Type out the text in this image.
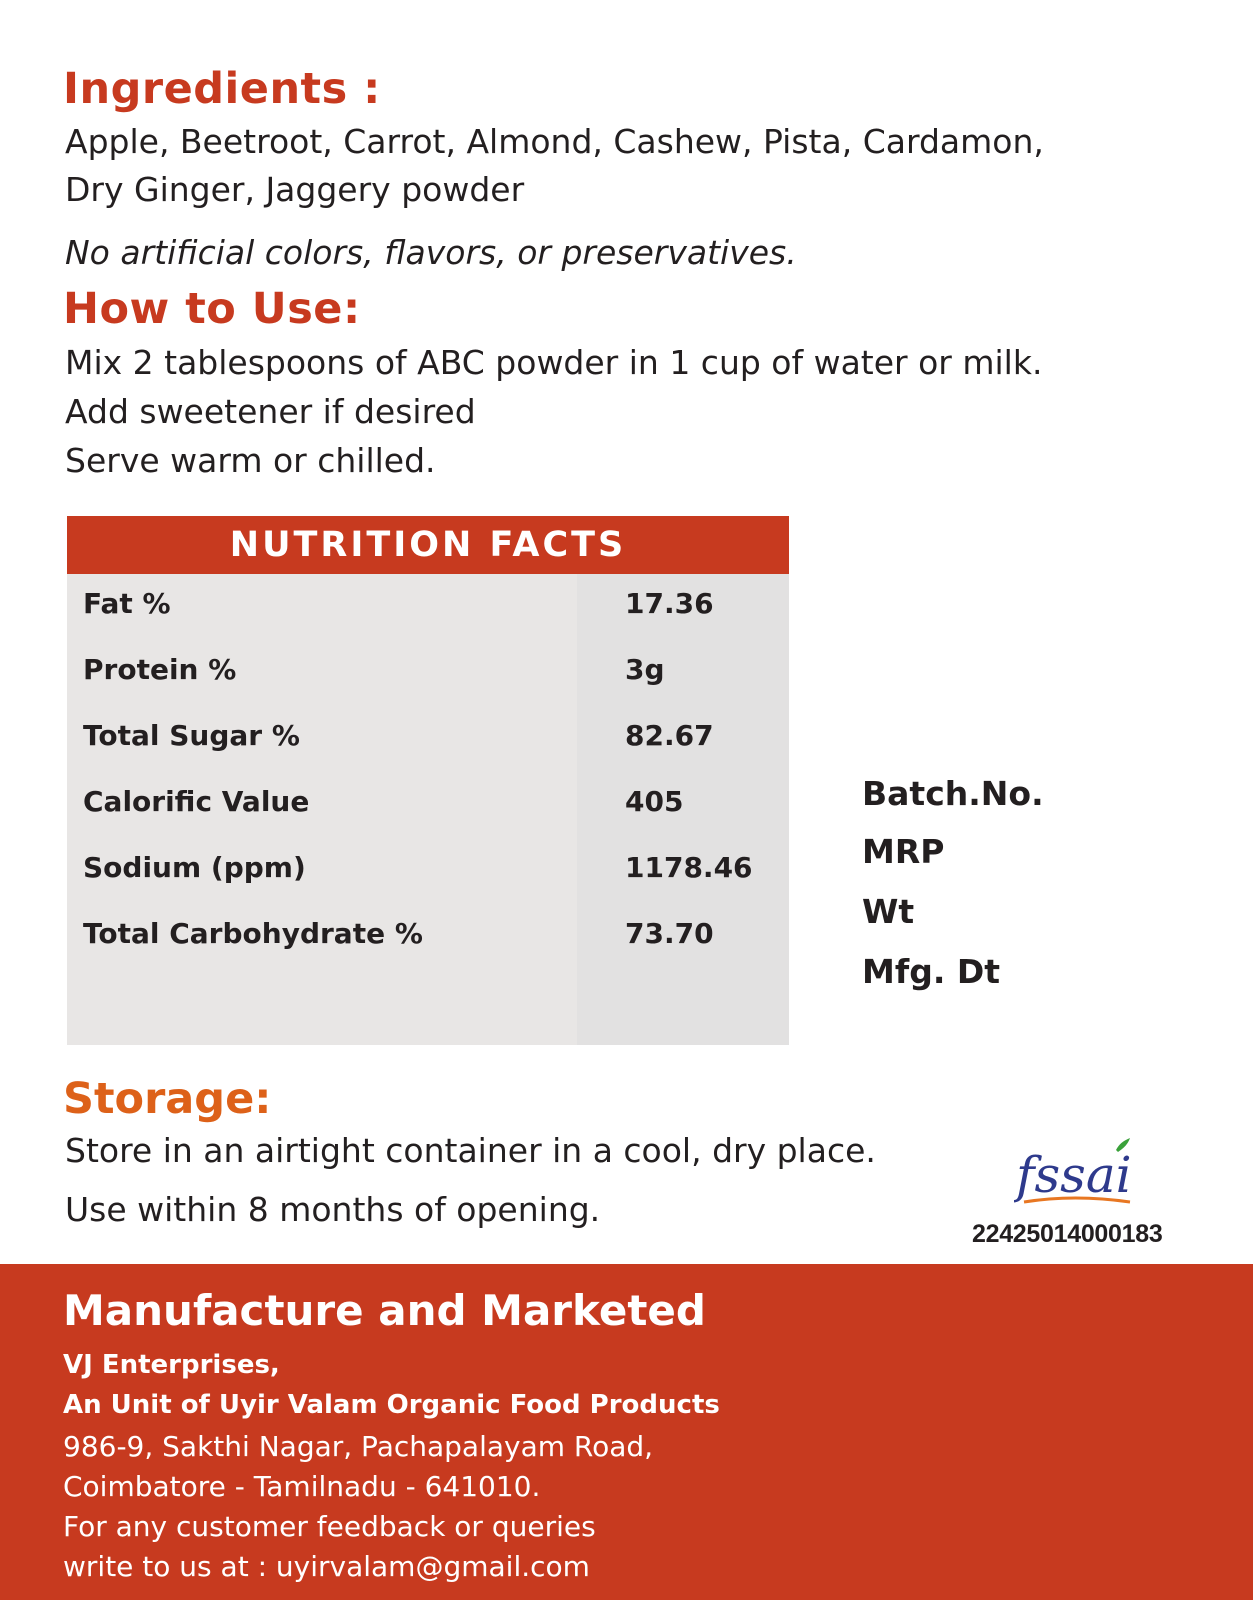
Ingredients :
Apple, Beetroot, Carrot, Almond, Cashew, Pista, Cardamon,
Dry Ginger, Jaggery powder
No artificial colors, flavors, or preservatives.
How to Use:
Mix 2 tablespoons of ABC powder in 1 cup of water or milk.
Add sweetener if desired
Serve warm or chilled.
NUTRITION FACTS
Fat %	17.36
Protein %	3g
Total Sugar %	82.67
Calorific Value	405
Sodium (ppm)	1178.46
Total Carbohydrate %	73.70
Batch.No.
MRP
Wt
Mfg. Dt
Storage:
Store in an airtight container in a cool, dry place.
Use within 8 months of opening.
fssai
22425014000183
Manufacture and Marketed
VJ Enterprises,
An Unit of Uyir Valam Organic Food Products
986-9, Sakthi Nagar, Pachapalayam Road,
Coimbatore - Tamilnadu - 641010.
For any customer feedback or queries
write to us at : uyirvalam@gmail.com
